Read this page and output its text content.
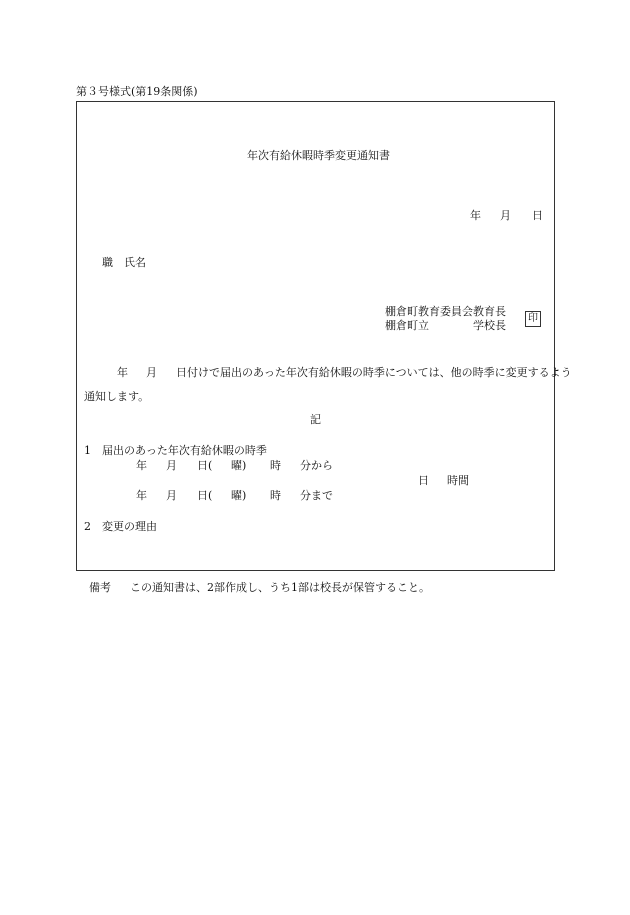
第３号様式(第19条関係)
年次有給休暇時季変更通知書
年 月 日
職　氏名
棚倉町教育委員会教育長
棚倉町立　　　　学校長
印
年 月 日付けで届出のあった年次有給休暇の時季については、他の時季に変更するよう
通知します。
記
1　届出のあった年次有給休暇の時季
年 月 日( 曜) 時 分から
日 時間
年 月 日( 曜) 時 分まで
2　変更の理由
備考 この通知書は、2部作成し、うち1部は校長が保管すること。
